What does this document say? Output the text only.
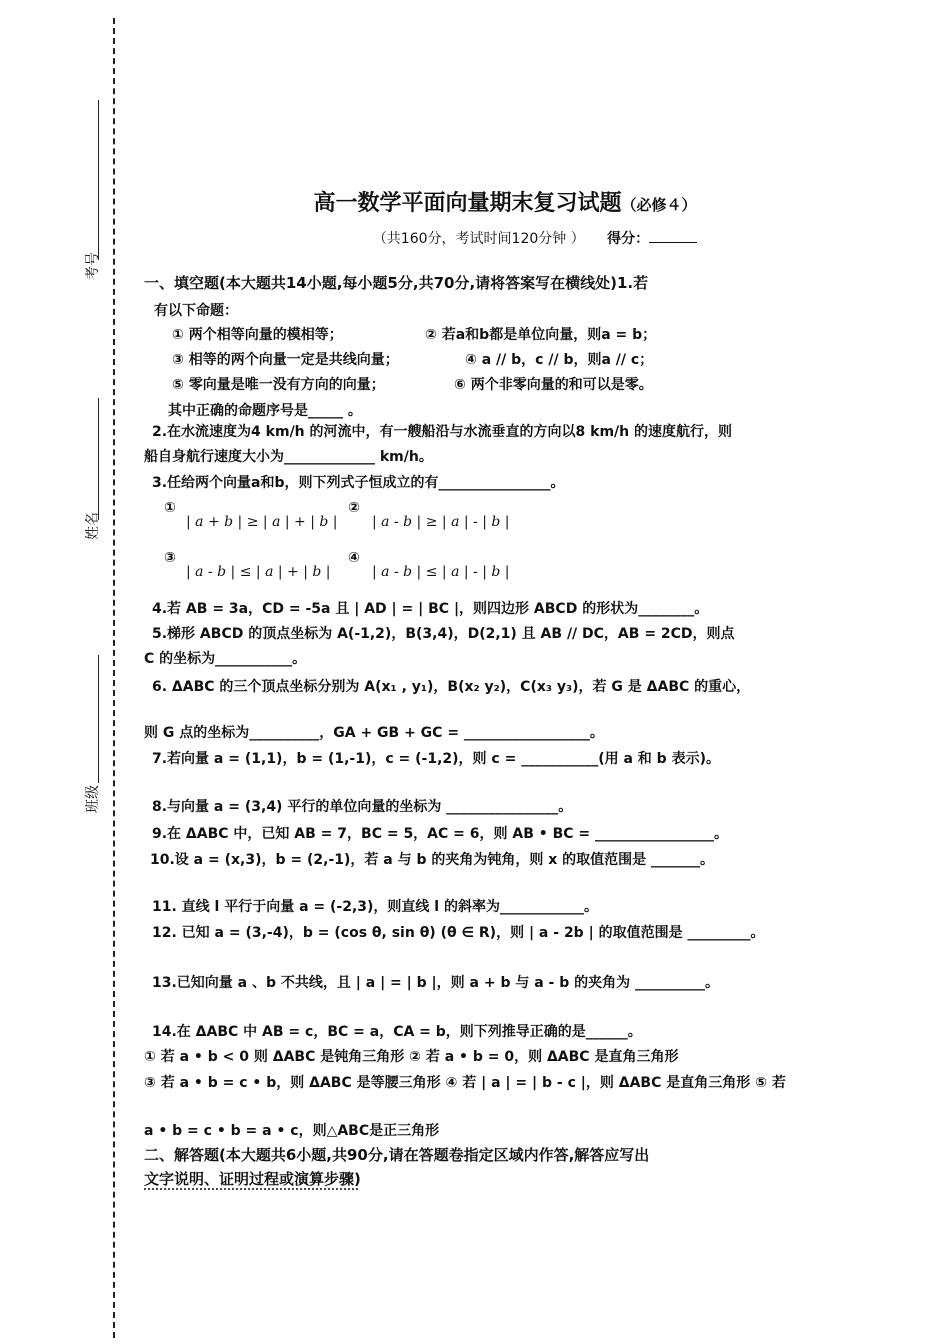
考号
姓名
班级
高一数学平面向量期末复习试题（必修４）
（共160分，考试时间120分钟 ） 得分：
一、填空题(本大题共14小题,每小题5分,共70分,请将答案写在横线处)1.若
有以下命题：
① 两个相等向量的模相等；	② 若a和b都是单位向量，则a = b；
③ 相等的两个向量一定是共线向量；	④ a // b，c // b，则a // c；
⑤ 零向量是唯一没有方向的向量；	⑥ 两个非零向量的和可以是零。
其中正确的命题序号是_____ 。
2.在水流速度为4 km/h 的河流中，有一艘船沿与水流垂直的方向以8 km/h 的速度航行，则
船自身航行速度大小为_____________ km/h。
3.任给两个向量a和b，则下列式子恒成立的有________________。
①
| a + b | ≥ | a | + | b |
②
| a - b | ≥ | a | - | b |
③
| a - b | ≤ | a | + | b |
④
| a - b | ≤ | a | - | b |
4.若 AB = 3a，CD = -5a 且 | AD | = | BC |，则四边形 ABCD 的形状为________。
5.梯形 ABCD 的顶点坐标为 A(-1,2)，B(3,4)，D(2,1) 且 AB // DC，AB = 2CD，则点
C 的坐标为___________。
6. ΔABC 的三个顶点坐标分别为 A(x₁ , y₁)，B(x₂ y₂)，C(x₃ y₃)，若 G 是 ΔABC 的重心，
则 G 点的坐标为__________，GA + GB + GC = __________________。
7.若向量 a = (1,1)，b = (1,-1)，c = (-1,2)，则 c = ___________(用 a 和 b 表示)。
8.与向量 a = (3,4) 平行的单位向量的坐标为 ________________。
9.在 ΔABC 中，已知 AB = 7，BC = 5，AC = 6，则 AB • BC = _________________。
10.设 a = (x,3)，b = (2,-1)，若 a 与 b 的夹角为钝角，则 x 的取值范围是 _______。
11. 直线 l 平行于向量 a = (-2,3)，则直线 l 的斜率为____________。
12. 已知 a = (3,-4)，b = (cos θ, sin θ) (θ ∈ R)，则 | a - 2b | 的取值范围是 _________。
13.已知向量 a 、b 不共线，且 | a | = | b |，则 a + b 与 a - b 的夹角为 __________。
14.在 ΔABC 中 AB = c，BC = a，CA = b，则下列推导正确的是______。
① 若 a • b < 0 则 ΔABC 是钝角三角形 ② 若 a • b = 0，则 ΔABC 是直角三角形
③ 若 a • b = c • b，则 ΔABC 是等腰三角形 ④ 若 | a | = | b - c |，则 ΔABC 是直角三角形 ⑤ 若
a • b = c • b = a • c，则△ABC是正三角形
二、解答题(本大题共6小题,共90分,请在答题卷指定区域内作答,解答应写出
文字说明、证明过程或演算步骤)
